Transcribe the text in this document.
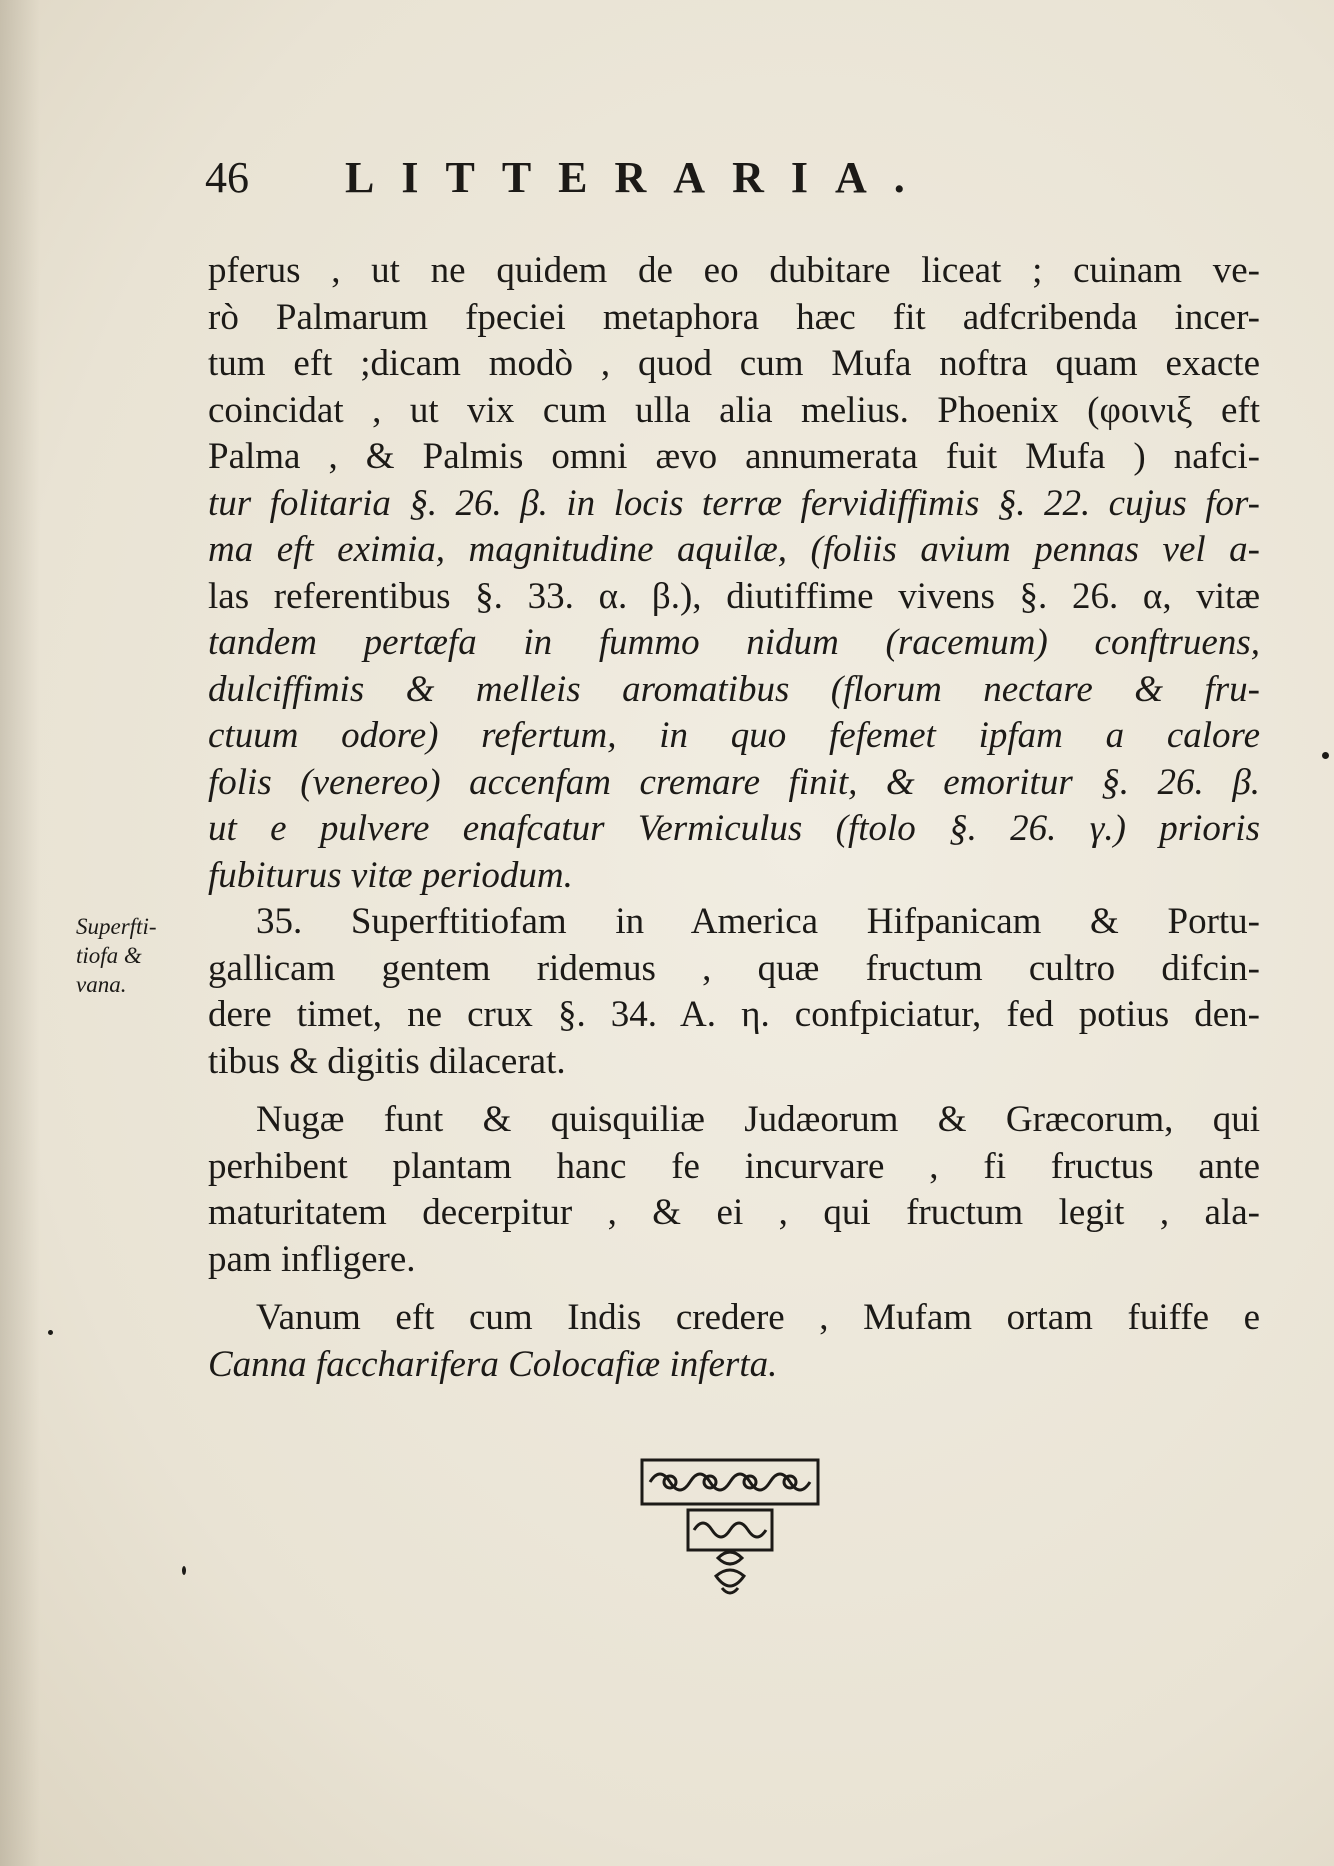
46 LITTERARIA.
Superfti-
tiofa &
vana.
pferus , ut ne quidem de eo dubitare liceat ; cuinam ve-
rò Palmarum fpeciei metaphora hæc fit adfcribenda incer-
tum eft ;dicam modò , quod cum Mufa noftra quam exacte
coincidat , ut vix cum ulla alia melius. Phoenix (φοινιξ eft
Palma , & Palmis omni ævo annumerata fuit Mufa ) nafci-
tur folitaria §. 26. β. in locis terræ fervidiffimis §. 22. cujus for-
ma eft eximia, magnitudine aquilæ, (foliis avium pennas vel a-
las referentibus §. 33. α. β.), diutiffime vivens §. 26. α, vitæ
tandem pertæfa in fummo nidum (racemum) conftruens,
dulciffimis & melleis aromatibus (florum nectare & fru-
ctuum odore) refertum, in quo fefemet ipfam a calore
folis (venereo) accenfam cremare finit, & emoritur §. 26. β.
ut e pulvere enafcatur Vermiculus (ftolo §. 26. γ.) prioris
fubiturus vitæ periodum.
35. Superftitiofam in America Hifpanicam & Portu-
gallicam gentem ridemus , quæ fructum cultro difcin-
dere timet, ne crux §. 34. A. η. confpiciatur, fed potius den-
tibus & digitis dilacerat.
Nugæ funt & quisquiliæ Judæorum & Græcorum, qui
perhibent plantam hanc fe incurvare , fi fructus ante
maturitatem decerpitur , & ei , qui fructum legit , ala-
pam infligere.
Vanum eft cum Indis credere , Mufam ortam fuiffe e
Canna faccharifera Colocafiæ inferta.
